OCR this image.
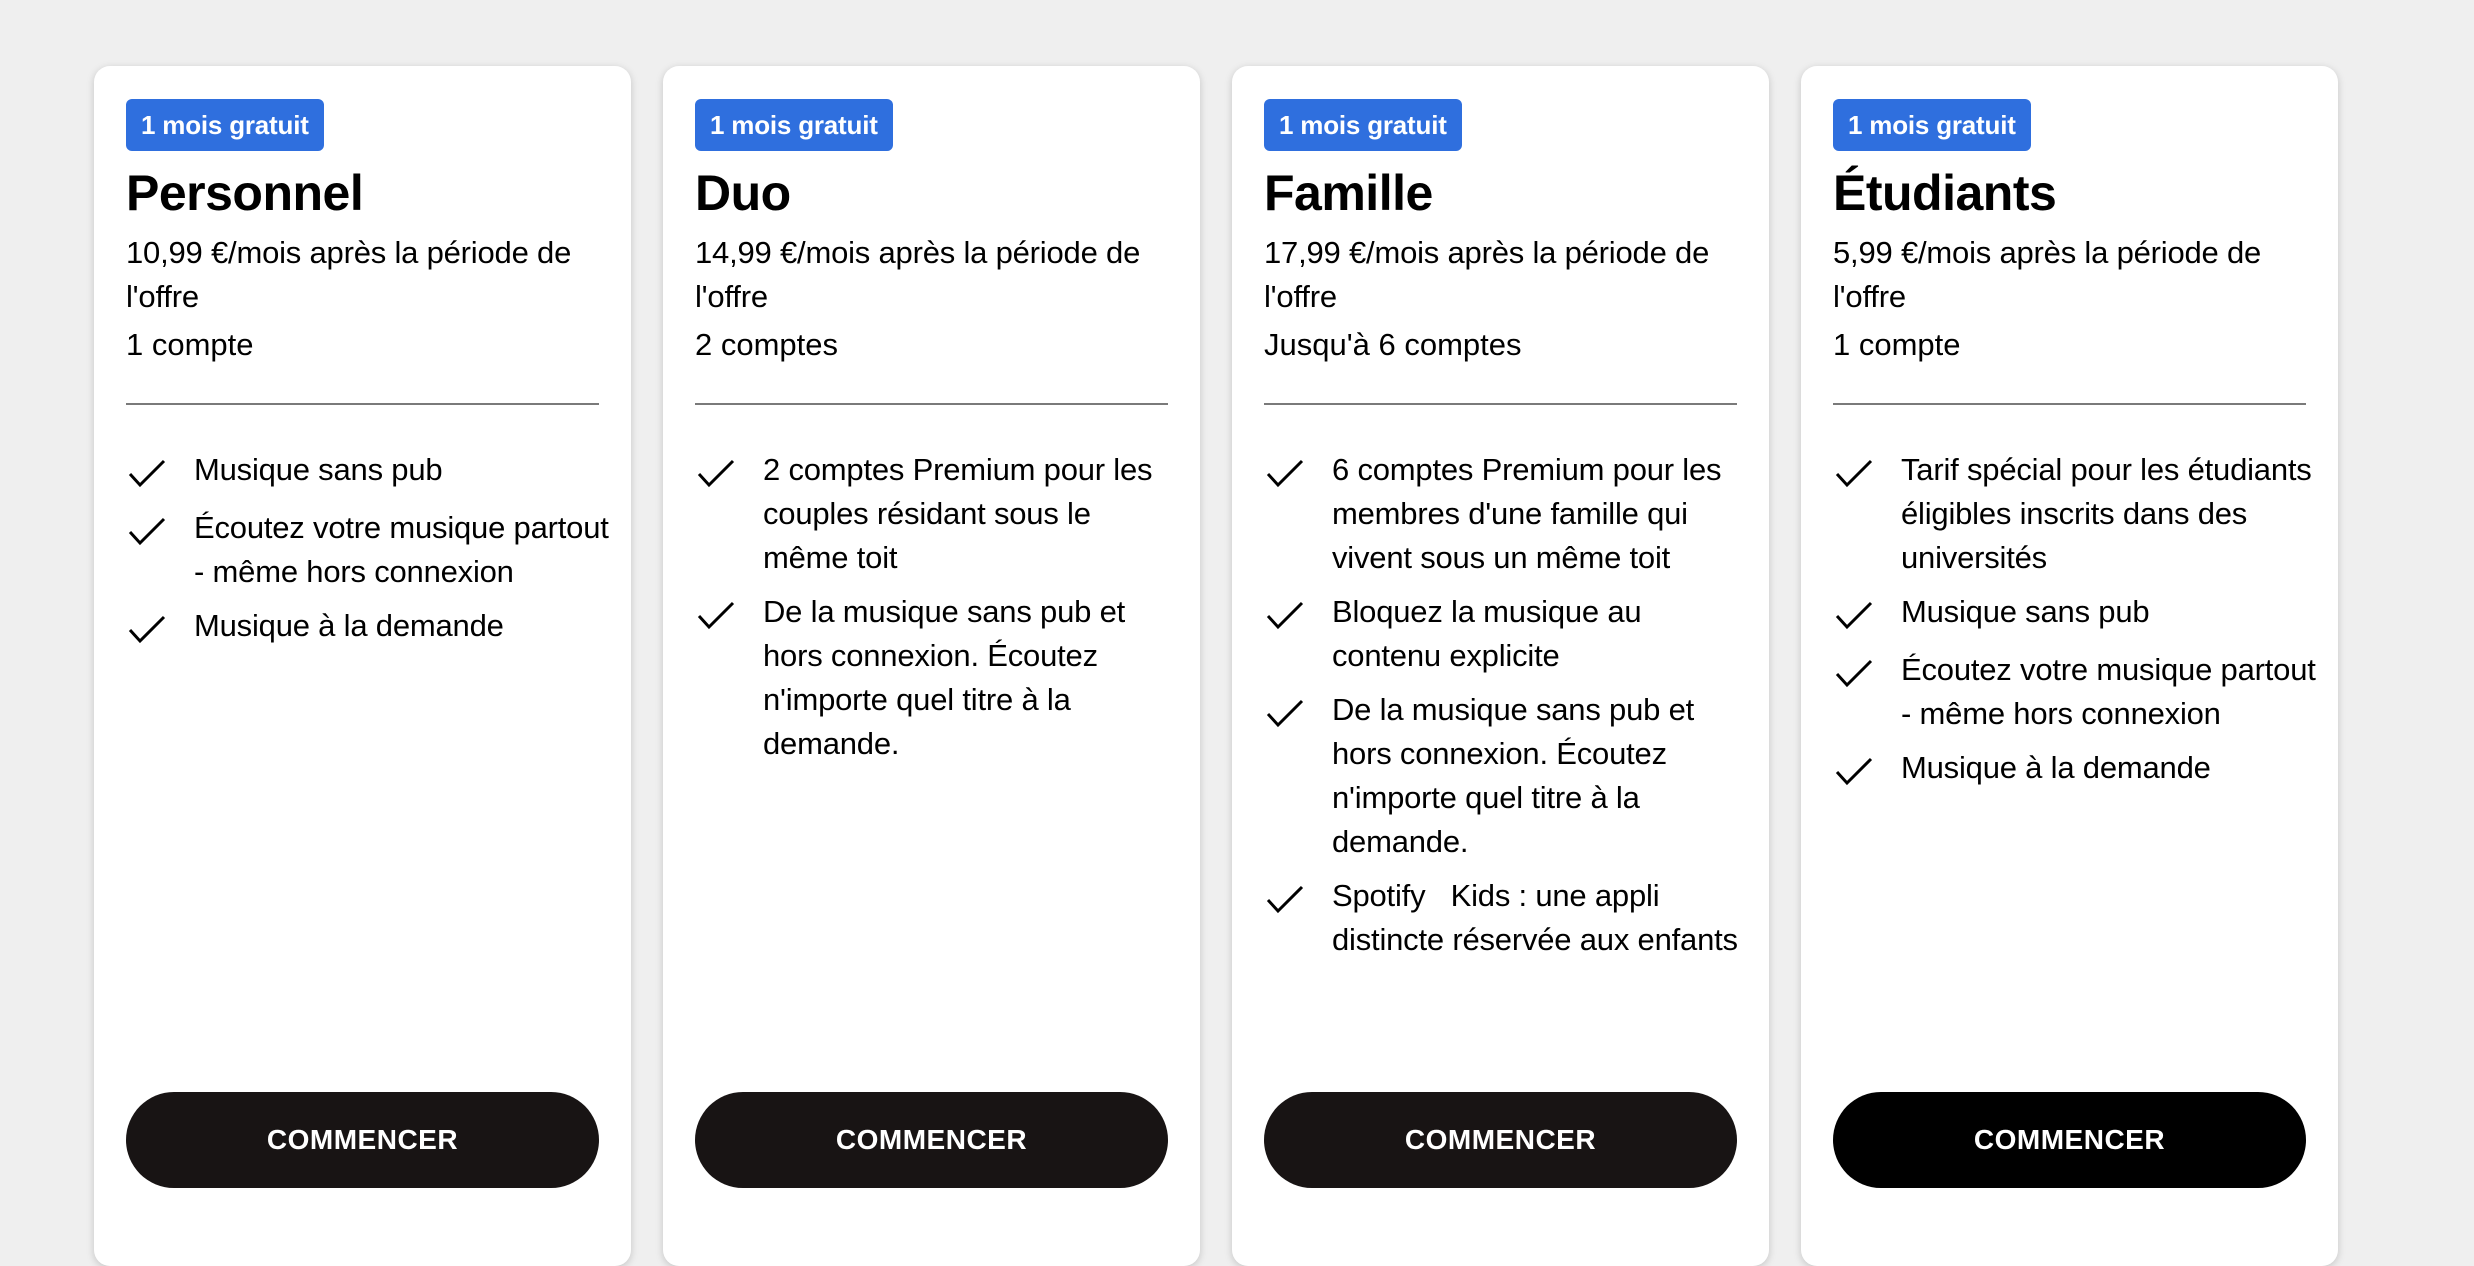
1 mois gratuit
Personnel
10,99 €/mois après la période de l'offre
1 compte
Musique sans pub
Écoutez votre musique partout - même hors connexion
Musique à la demande
COMMENCER
1 mois gratuit
Duo
14,99 €/mois après la période de l'offre
2 comptes
2 comptes Premium pour les couples résidant sous le même toit
De la musique sans pub et hors connexion. Écoutez n'importe quel titre à la demande.
COMMENCER
1 mois gratuit
Famille
17,99 €/mois après la période de l'offre
Jusqu'à 6 comptes
6 comptes Premium pour les membres d'une famille qui vivent sous un même toit
Bloquez la musique au contenu explicite
De la musique sans pub et hors connexion. Écoutez n'importe quel titre à la demande.
Spotify   Kids : une appli distincte réservée aux enfants
COMMENCER
1 mois gratuit
Étudiants
5,99 €/mois après la période de l'offre
1 compte
Tarif spécial pour les étudiants éligibles inscrits dans des universités
Musique sans pub
Écoutez votre musique partout - même hors connexion
Musique à la demande
COMMENCER
